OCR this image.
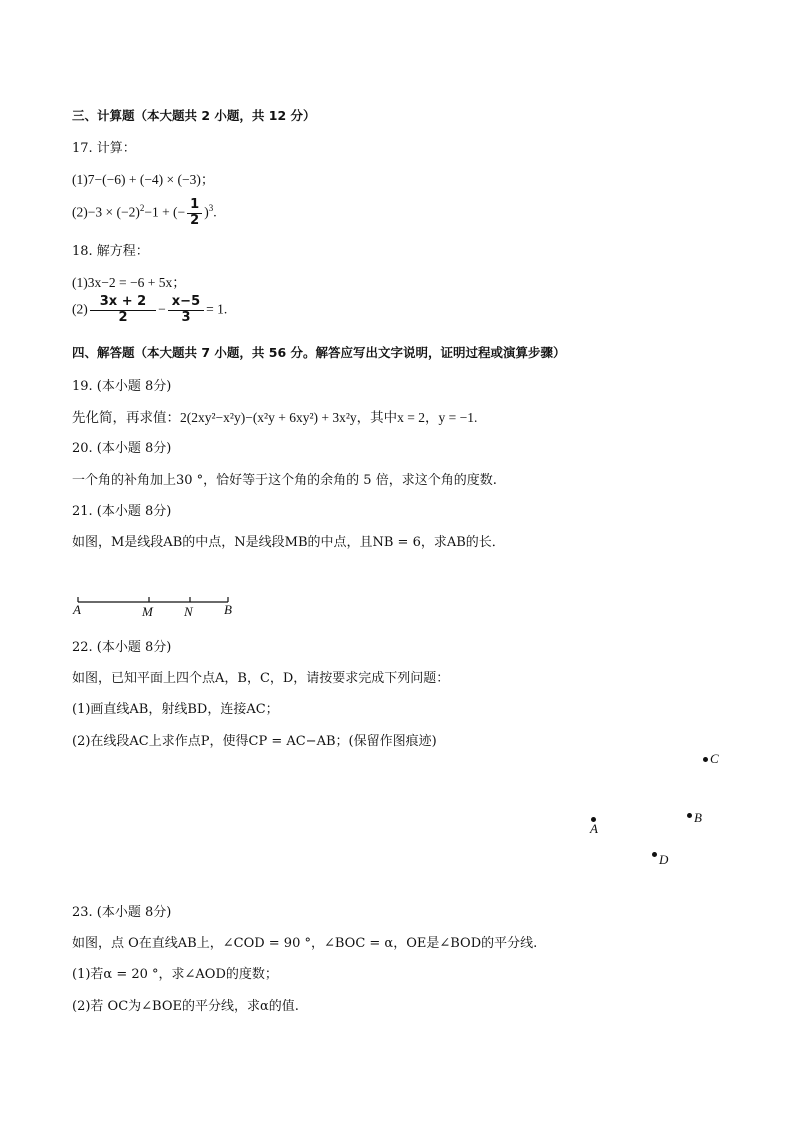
三、计算题（本大题共 2 小题，共 12 分）
17. 计算：
(1)7−(−6) + (−4) × (−3)；
$(2)-3 \times (-2)^2-1$ + (− $\frac{1}{2} )^3$.
18. 解方程：
(1)3x−2 = −6 + 5x；
$(2) \frac{3x + 2}{2} - \frac{x-5}{3} = 1$.
四、解答题（本大题共 7 小题，共 56 分。解答应写出文字说明，证明过程或演算步骤）
19. (本小题 8分)
先化简，再求值：2(2xy²−x²y)−(x²y + 6xy²) + 3x²y，其中x = 2，y = −1.
20. (本小题 8分)
一个角的补角加上30 °，恰好等于这个角的余角的 5 倍，求这个角的度数.
21. (本小题 8分)
如图，M是线段AB的中点，N是线段MB的中点，且NB = 6，求AB的长．
A	M N B
22. (本小题 8分)
如图，已知平面上四个点A，B，C，D，请按要求完成下列问题：
(1)画直线AB，射线BD，连接AC；
(2)在线段AC上求作点P，使得CP = AC−AB；(保留作图痕迹)
C
B
A
D
23. (本小题 8分)
如图，点 O在直线AB上，∠COD = 90 °，∠BOC = α，OE是∠BOD的平分线.
(1)若α = 20 °，求∠AOD的度数；
(2)若 OC为∠BOE的平分线，求α的值.
